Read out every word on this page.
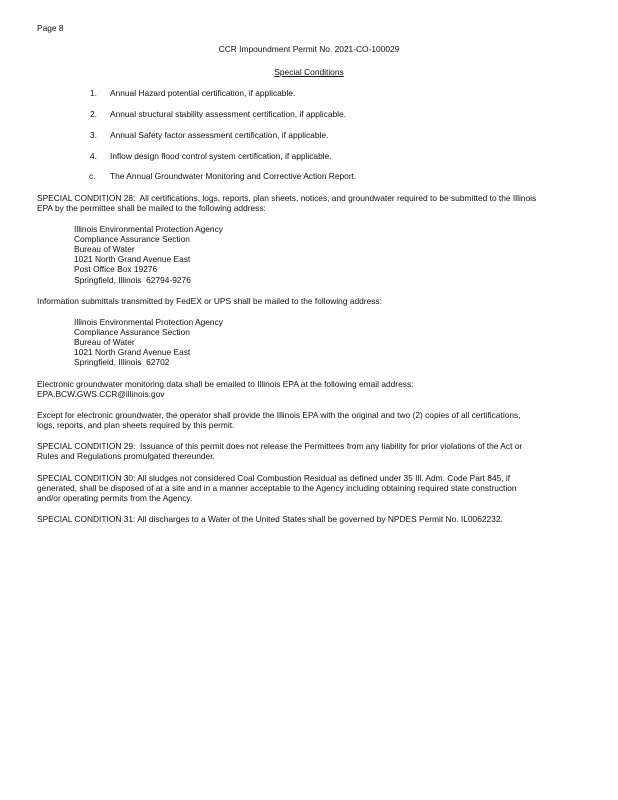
Page 8
CCR Impoundment Permit No. 2021-CO-100029
Special Conditions
1. Annual Hazard potential certification, if applicable.
2. Annual structural stability assessment certification, if applicable.
3. Annual Safety factor assessment certification, if applicable.
4. Inflow design flood control system certification, if applicable.
c. The Annual Groundwater Monitoring and Corrective Action Report.
SPECIAL CONDITION 28:  All certifications, logs, reports, plan sheets, notices, and groundwater required to be submitted to the Illinois
EPA by the permittee shall be mailed to the following address:
Illinois Environmental Protection Agency
Compliance Assurance Section
Bureau of Water
1021 North Grand Avenue East
Post Office Box 19276
Springfield, Illinois  62794-9276
Information submittals transmitted by FedEX or UPS shall be mailed to the following address:
Illinois Environmental Protection Agency
Compliance Assurance Section
Bureau of Water
1021 North Grand Avenue East
Springfield, Illinois  62702
Electronic groundwater monitoring data shall be emailed to Illinois EPA at the following email address:
EPA.BCW.GWS.CCR@illinois.gov
Except for electronic groundwater, the operator shall provide the Illinois EPA with the original and two (2) copies of all certifications,
logs, reports, and plan sheets required by this permit.
SPECIAL CONDITION 29:  Issuance of this permit does not release the Permittees from any liability for prior violations of the Act or
Rules and Regulations promulgated thereunder.
SPECIAL CONDITION 30: All sludges not considered Coal Combustion Residual as defined under 35 Ill. Adm. Code Part 845, if
generated, shall be disposed of at a site and in a manner acceptable to the Agency including obtaining required state construction
and/or operating permits from the Agency.
SPECIAL CONDITION 31: All discharges to a Water of the United States shall be governed by NPDES Permit No. IL0062232.
